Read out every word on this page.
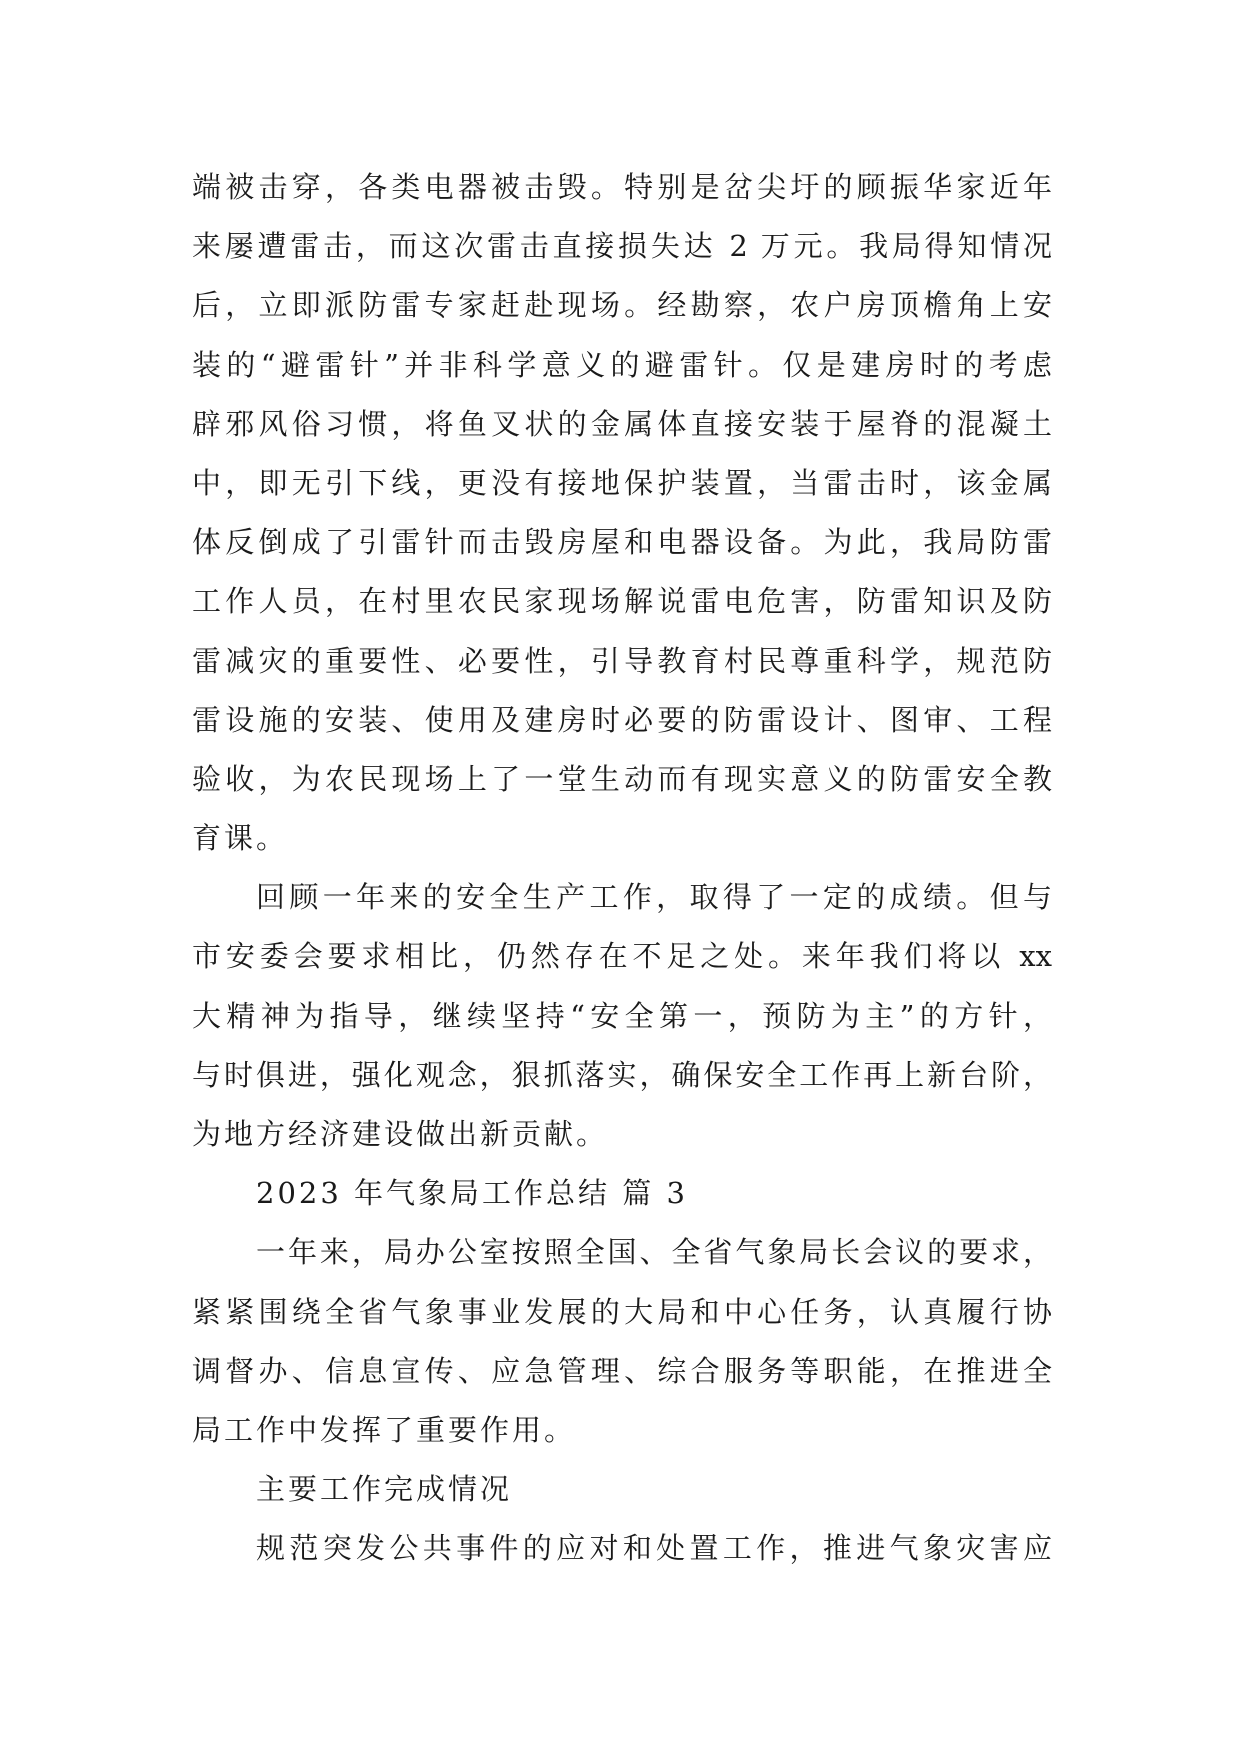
端被击穿，各类电器被击毁。特别是岔尖圩的顾振华家近年
来屡遭雷击，而这次雷击直接损失达 2 万元。我局得知情况
后，立即派防雷专家赶赴现场。经勘察，农户房顶檐角上安
装的“避雷针”并非科学意义的避雷针。仅是建房时的考虑
辟邪风俗习惯，将鱼叉状的金属体直接安装于屋脊的混凝土
中，即无引下线，更没有接地保护装置，当雷击时，该金属
体反倒成了引雷针而击毁房屋和电器设备。为此，我局防雷
工作人员，在村里农民家现场解说雷电危害，防雷知识及防
雷减灾的重要性、必要性，引导教育村民尊重科学，规范防
雷设施的安装、使用及建房时必要的防雷设计、图审、工程
验收，为农民现场上了一堂生动而有现实意义的防雷安全教
育课。
回顾一年来的安全生产工作，取得了一定的成绩。但与
市安委会要求相比，仍然存在不足之处。来年我们将以 xx
大精神为指导，继续坚持“安全第一，预防为主”的方针，
与时俱进，强化观念，狠抓落实，确保安全工作再上新台阶，
为地方经济建设做出新贡献。
2023 年气象局工作总结 篇 3
一年来，局办公室按照全国、全省气象局长会议的要求，
紧紧围绕全省气象事业发展的大局和中心任务，认真履行协
调督办、信息宣传、应急管理、综合服务等职能，在推进全
局工作中发挥了重要作用。
主要工作完成情况
规范突发公共事件的应对和处置工作，推进气象灾害应
